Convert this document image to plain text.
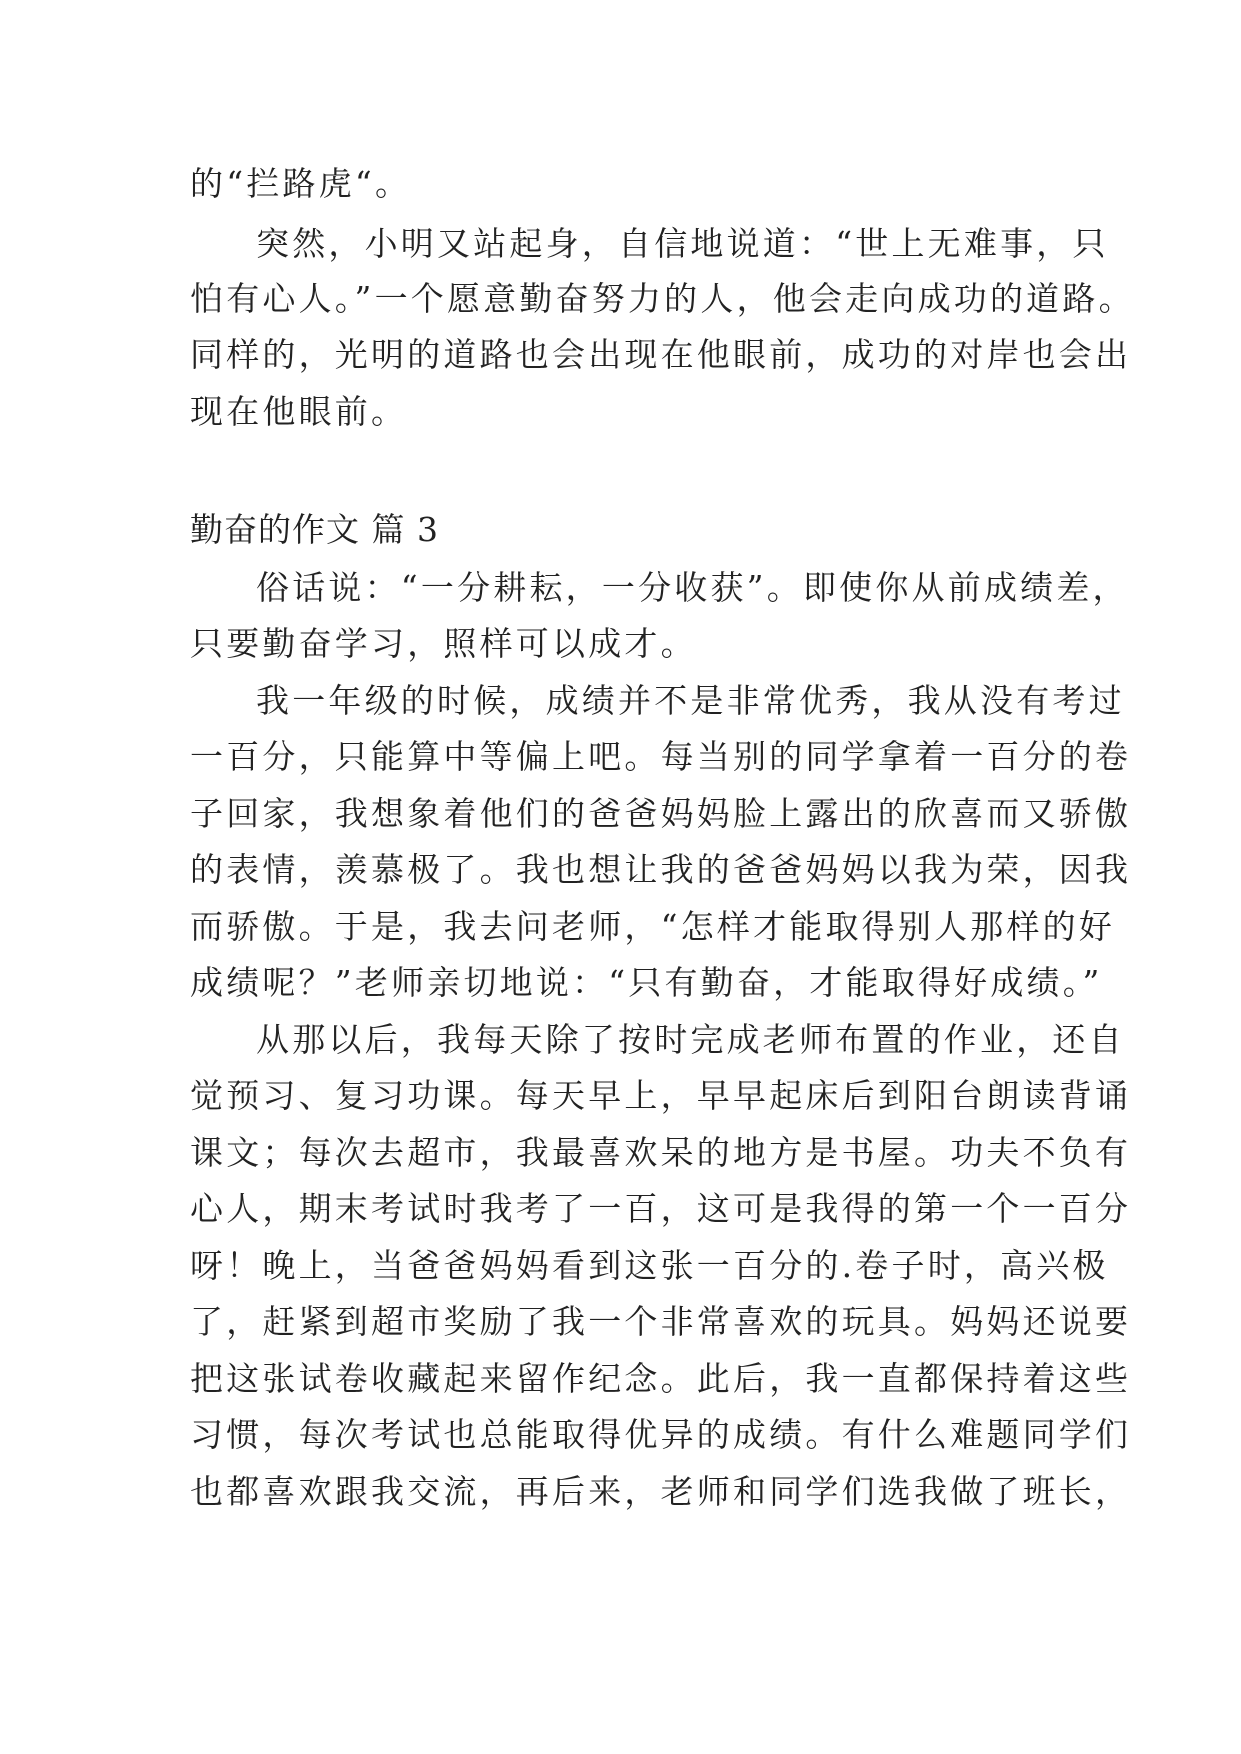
的“拦路虎“。
突然，小明又站起身，自信地说道：“世上无难事，只
怕有心人。”一个愿意勤奋努力的人，他会走向成功的道路。
同样的，光明的道路也会出现在他眼前，成功的对岸也会出
现在他眼前。
勤奋的作文 篇 3
俗话说：“一分耕耘，一分收获”。即使你从前成绩差，
只要勤奋学习，照样可以成才。
我一年级的时候，成绩并不是非常优秀，我从没有考过
一百分，只能算中等偏上吧。每当别的同学拿着一百分的卷
子回家，我想象着他们的爸爸妈妈脸上露出的欣喜而又骄傲
的表情，羡慕极了。我也想让我的爸爸妈妈以我为荣，因我
而骄傲。于是，我去问老师，“怎样才能取得别人那样的好
成绩呢？”老师亲切地说：“只有勤奋，才能取得好成绩。”
从那以后，我每天除了按时完成老师布置的作业，还自
觉预习、复习功课。每天早上，早早起床后到阳台朗读背诵
课文；每次去超市，我最喜欢呆的地方是书屋。功夫不负有
心人，期末考试时我考了一百，这可是我得的第一个一百分
呀！晚上，当爸爸妈妈看到这张一百分的.卷子时，高兴极
了，赶紧到超市奖励了我一个非常喜欢的玩具。妈妈还说要
把这张试卷收藏起来留作纪念。此后，我一直都保持着这些
习惯，每次考试也总能取得优异的成绩。有什么难题同学们
也都喜欢跟我交流，再后来，老师和同学们选我做了班长，
